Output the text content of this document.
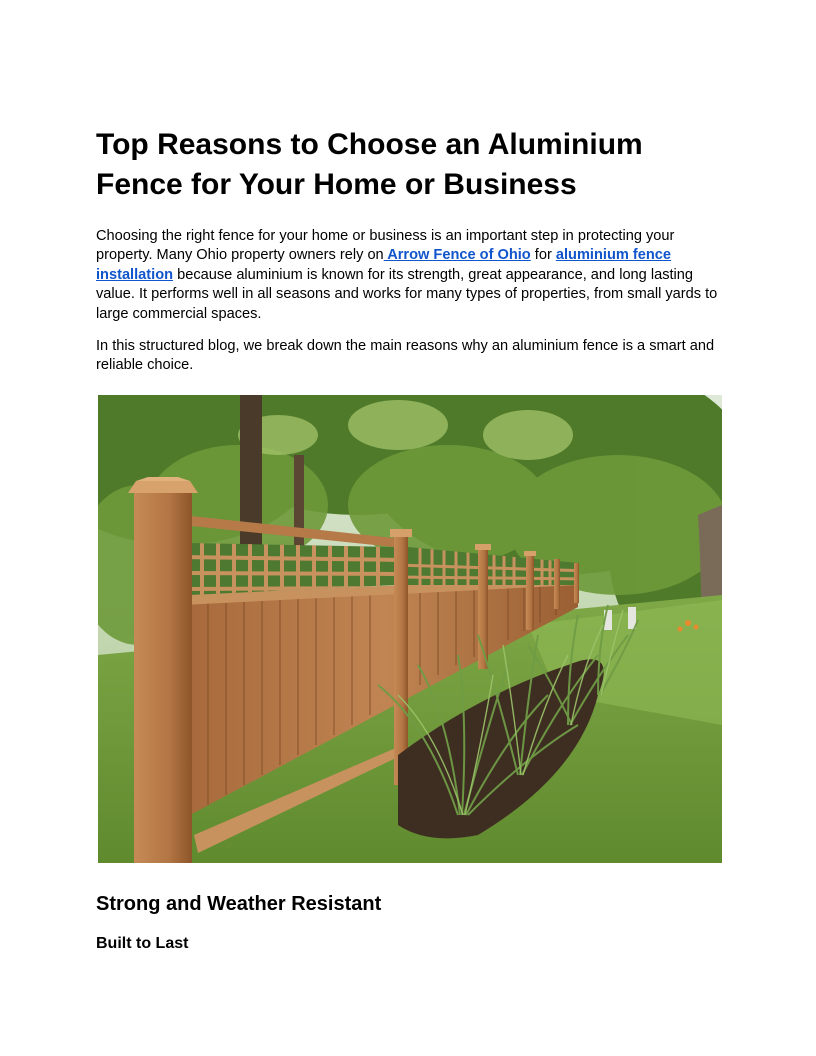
Top Reasons to Choose an Aluminium Fence for Your Home or Business

Choosing the right fence for your home or business is an important step in protecting your property. Many Ohio property owners rely on Arrow Fence of Ohio for aluminium fence installation because aluminium is known for its strength, great appearance, and long lasting value. It performs well in all seasons and works for many types of properties, from small yards to large commercial spaces.

In this structured blog, we break down the main reasons why an aluminium fence is a smart and reliable choice.

Strong and Weather Resistant
Built to Last
